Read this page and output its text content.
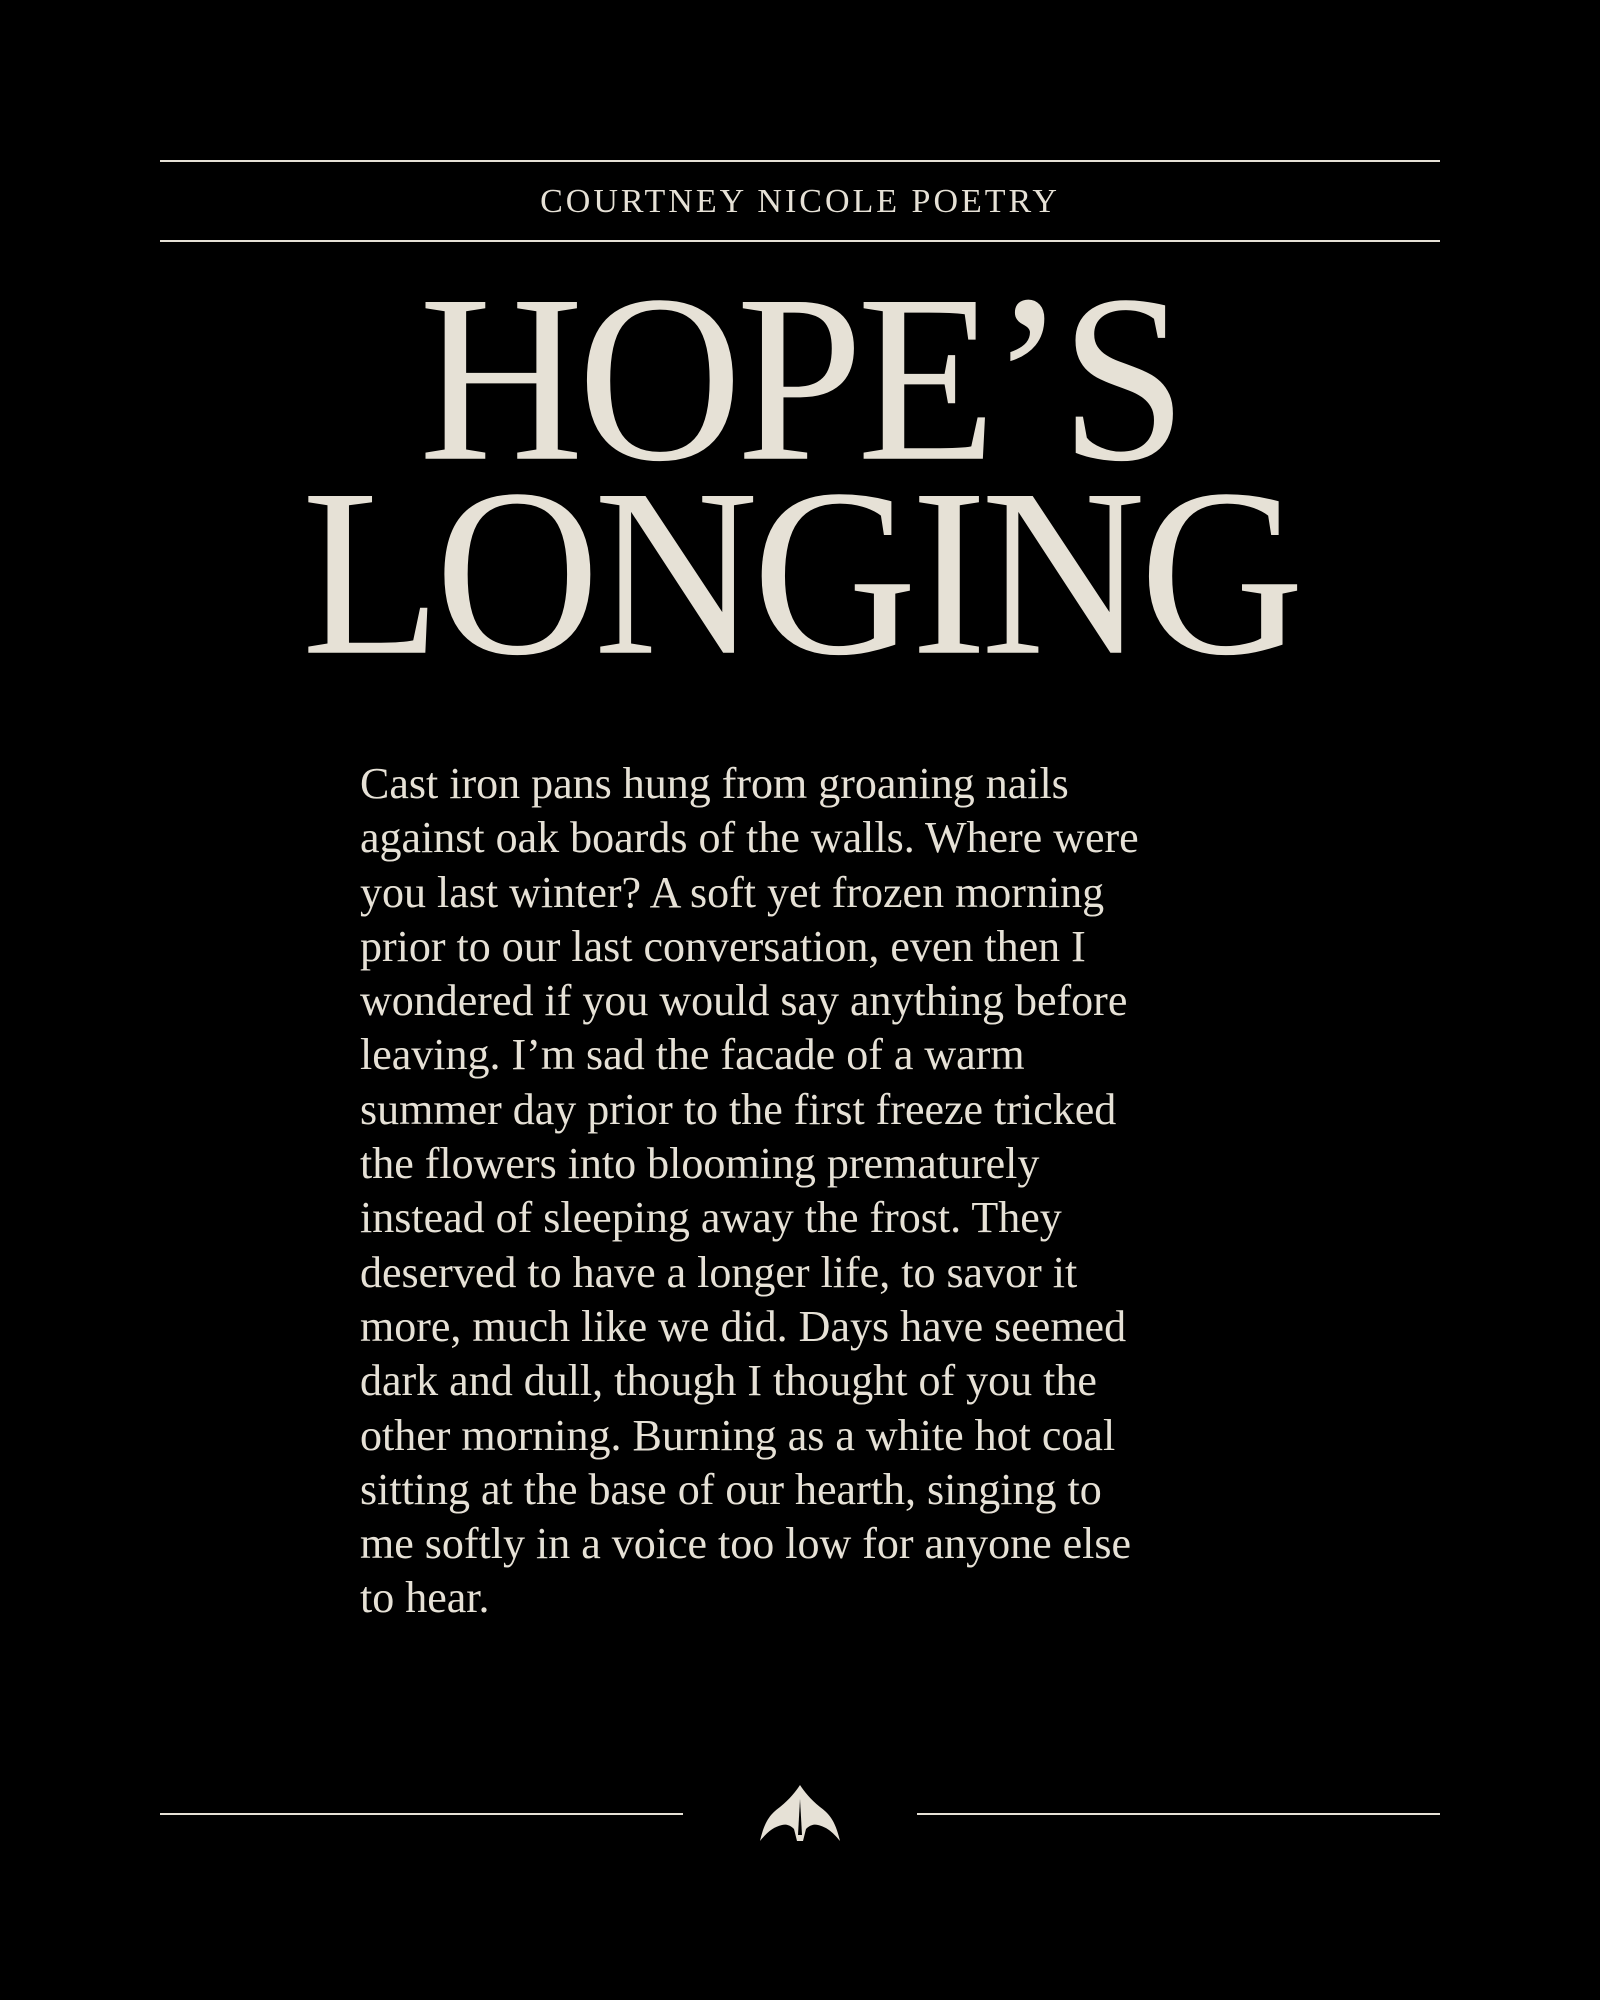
COURTNEY NICOLE POETRY
HOPE’S
LONGING

Cast iron pans hung from groaning nails
against oak boards of the walls. Where were
you last winter? A soft yet frozen morning
prior to our last conversation, even then I
wondered if you would say anything before
leaving. I’m sad the facade of a warm
summer day prior to the first freeze tricked
the flowers into blooming prematurely
instead of sleeping away the frost. They
deserved to have a longer life, to savor it
more, much like we did. Days have seemed
dark and dull, though I thought of you the
other morning. Burning as a white hot coal
sitting at the base of our hearth, singing to
me softly in a voice too low for anyone else
to hear.
